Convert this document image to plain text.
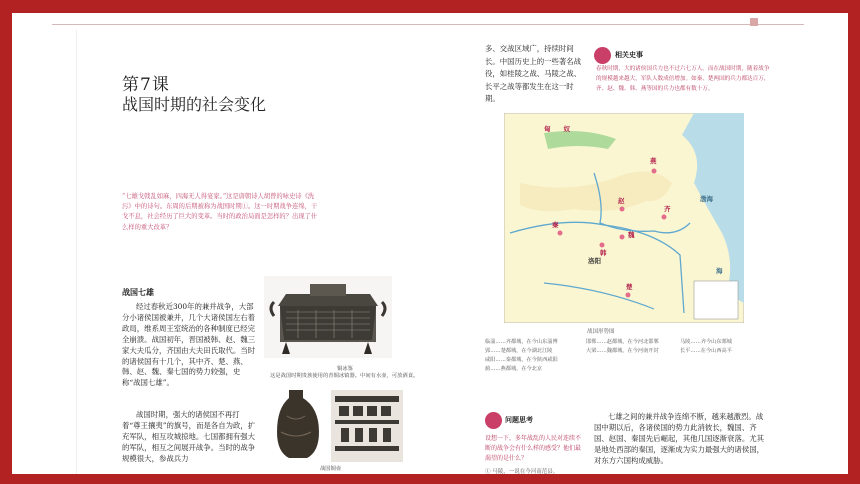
第7课
战国时期的社会变化
“七雄戈戟乱如麻，四海无人得宴家。”这是唐朝诗人胡曾的咏史诗《洗污》中的诗句。东周的后期被称为战国时期①。这一时期战争连绵，干戈不息，社会经历了巨大的变革。当时的政治局面是怎样的？出现了什么样的重大改革？
战国七雄
经过春秋近300年的兼并战争，大部分小诸侯国被兼并，几个大诸侯国左右着政局，维系周王室统治的各种制度已经完全崩溃。战国初年，晋国被韩、赵、魏三家大夫瓜分，齐国由大夫田氏取代。当时的诸侯国有十几个，其中齐、楚、燕、韩、赵、魏、秦七国的势力较强，史称“战国七雄”。
战国时期，强大的诸侯国不再打着“尊王攘夷”的旗号，而是各自为政，扩充军队，相互攻城掠地。七国都拥有强大的军队，相互之间展开战争。当时的战争规模很大，参战兵力
铜冰鉴
这是战国时期贵族使用的青铜冰镇器。中间有水壶，可放酒食。
战国铜壶
多、交战区域广，持续时间长。中国历史上的一些著名战役，如桂陵之战、马陵之战、长平之战等都发生在这一时期。
相关史事
春秋时期，大的诸侯国兵力也不过六七万人。而在战国时期，随着战争的规模越来越大，军队人数成倍增加。如秦、楚两国的兵力都达百万，齐、赵、魏、韩、燕等国的兵力也都有数十万。
匈　　奴
燕
赵
魏
韩
秦
楚
齐
洛阳
渤海
海
战国形势图
临淄……齐都城，在今山东淄博
郢……楚都城，在今湖北江陵
邯郸……赵都城，在今河北邯郸
大梁……魏都城，在今河南开封
咸阳……秦都城，在今陕西咸阳
蓟……燕都城，在今北京
马陵……齐今山东郯城
长平……在今山西高平
问题思考
设想一下，多年战乱的人民对连续不断的战争会有什么样的感受？他们最渴望的是什么？
① 马陵，一说在今河南范县。
七雄之间的兼并战争连绵不断，越来越激烈。战国中期以后，各诸侯国的势力此消彼长，魏国、齐国、赵国、秦国先后崛起，其他几国逐渐衰落。尤其是地处西部的秦国，逐渐成为实力最强大的诸侯国，对东方六国构成威胁。
